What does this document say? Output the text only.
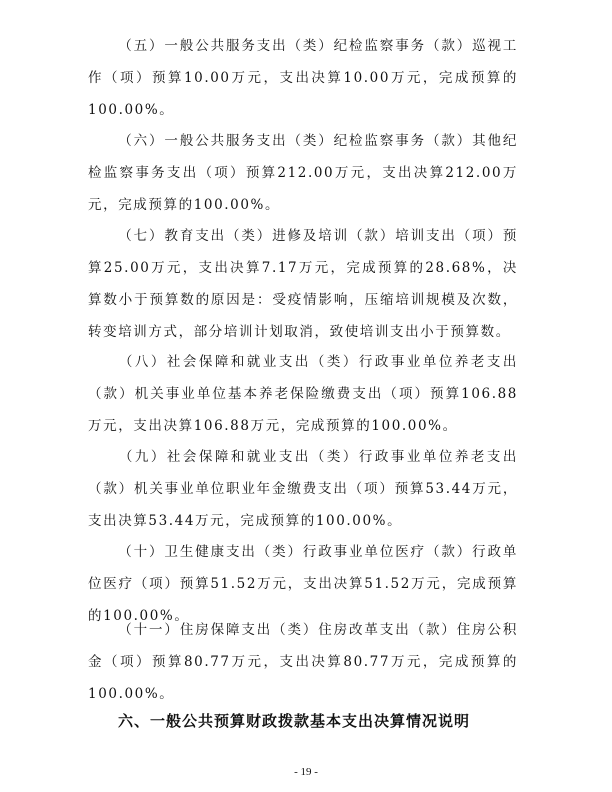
（五）一般公共服务支出（类）纪检监察事务（款）巡视工作（项）预算10.00万元，支出决算10.00万元，完成预算的100.00%。

（六）一般公共服务支出（类）纪检监察事务（款）其他纪检监察事务支出（项）预算212.00万元，支出决算212.00万元，完成预算的100.00%。

（七）教育支出（类）进修及培训（款）培训支出（项）预算25.00万元，支出决算7.17万元，完成预算的28.68%，决算数小于预算数的原因是：受疫情影响，压缩培训规模及次数，转变培训方式，部分培训计划取消，致使培训支出小于预算数。

（八）社会保障和就业支出（类）行政事业单位养老支出（款）机关事业单位基本养老保险缴费支出（项）预算106.88万元，支出决算106.88万元，完成预算的100.00%。

（九）社会保障和就业支出（类）行政事业单位养老支出（款）机关事业单位职业年金缴费支出（项）预算53.44万元，支出决算53.44万元，完成预算的100.00%。

（十）卫生健康支出（类）行政事业单位医疗（款）行政单位医疗（项）预算51.52万元，支出决算51.52万元，完成预算的100.00%。

（十一）住房保障支出（类）住房改革支出（款）住房公积金（项）预算80.77万元，支出决算80.77万元，完成预算的100.00%。

六、一般公共预算财政拨款基本支出决算情况说明
- 19 -
